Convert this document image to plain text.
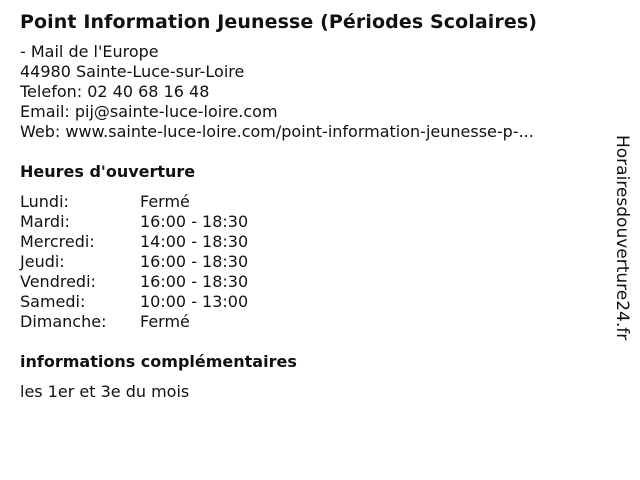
Point Information Jeunesse (Périodes Scolaires)
- Mail de l'Europe
44980 Sainte-Luce-sur-Loire
Telefon: 02 40 68 16 48
Email: pij@sainte-luce-loire.com
Web: www.sainte-luce-loire.com/point-information-jeunesse-p-...
Heures d'ouverture
Lundi:	Fermé
Mardi:	16:00 - 18:30
Mercredi:	14:00 - 18:30
Jeudi:	16:00 - 18:30
Vendredi:	16:00 - 18:30
Samedi:	10:00 - 13:00
Dimanche:	Fermé
informations complémentaires
les 1er et 3e du mois
Horairesdouverture24.fr
